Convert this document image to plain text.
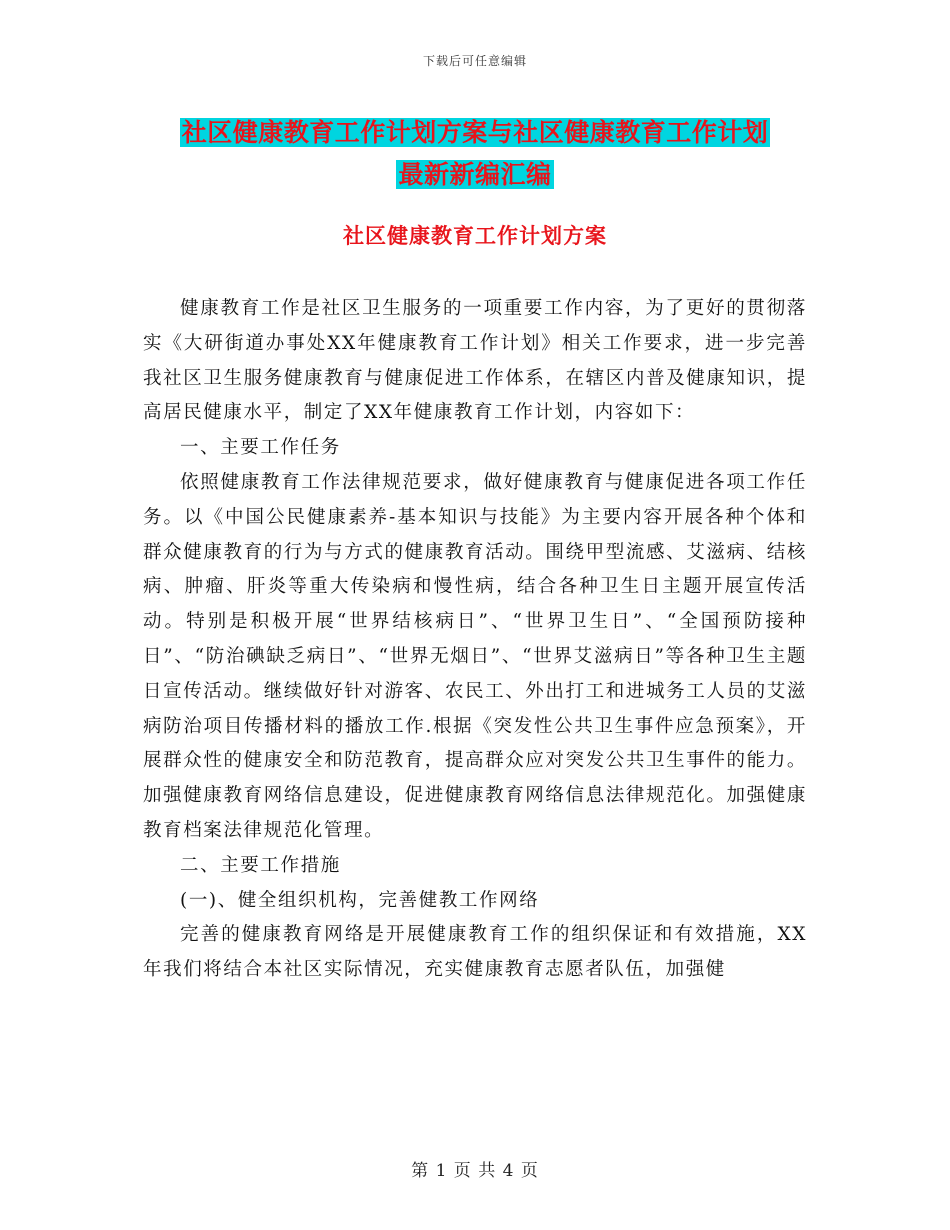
下载后可任意编辑
社区健康教育工作计划方案与社区健康教育工作计划
最新新编汇编
社区健康教育工作计划方案

健康教育工作是社区卫生服务的一项重要工作内容，为了更好的贯彻落实《大研街道办事处XX年健康教育工作计划》相关工作要求，进一步完善我社区卫生服务健康教育与健康促进工作体系，在辖区内普及健康知识，提高居民健康水平，制定了XX年健康教育工作计划，内容如下：

一、主要工作任务

依照健康教育工作法律规范要求，做好健康教育与健康促进各项工作任务。以《中国公民健康素养-基本知识与技能》为主要内容开展各种个体和群众健康教育的行为与方式的健康教育活动。围绕甲型流感、艾滋病、结核病、肿瘤、肝炎等重大传染病和慢性病，结合各种卫生日主题开展宣传活动。特别是积极开展“世界结核病日”、“世界卫生日”、“全国预防接种日”、“防治碘缺乏病日”、“世界无烟日”、“世界艾滋病日”等各种卫生主题日宣传活动。继续做好针对游客、农民工、外出打工和进城务工人员的艾滋病防治项目传播材料的播放工作.根据《突发性公共卫生事件应急预案》，开展群众性的健康安全和防范教育，提高群众应对突发公共卫生事件的能力。加强健康教育网络信息建设，促进健康教育网络信息法律规范化。加强健康教育档案法律规范化管理。

二、主要工作措施

(一)、健全组织机构，完善健教工作网络

完善的健康教育网络是开展健康教育工作的组织保证和有效措施，XX年我们将结合本社区实际情况，充实健康教育志愿者队伍，加强健

第 1 页 共 4 页
